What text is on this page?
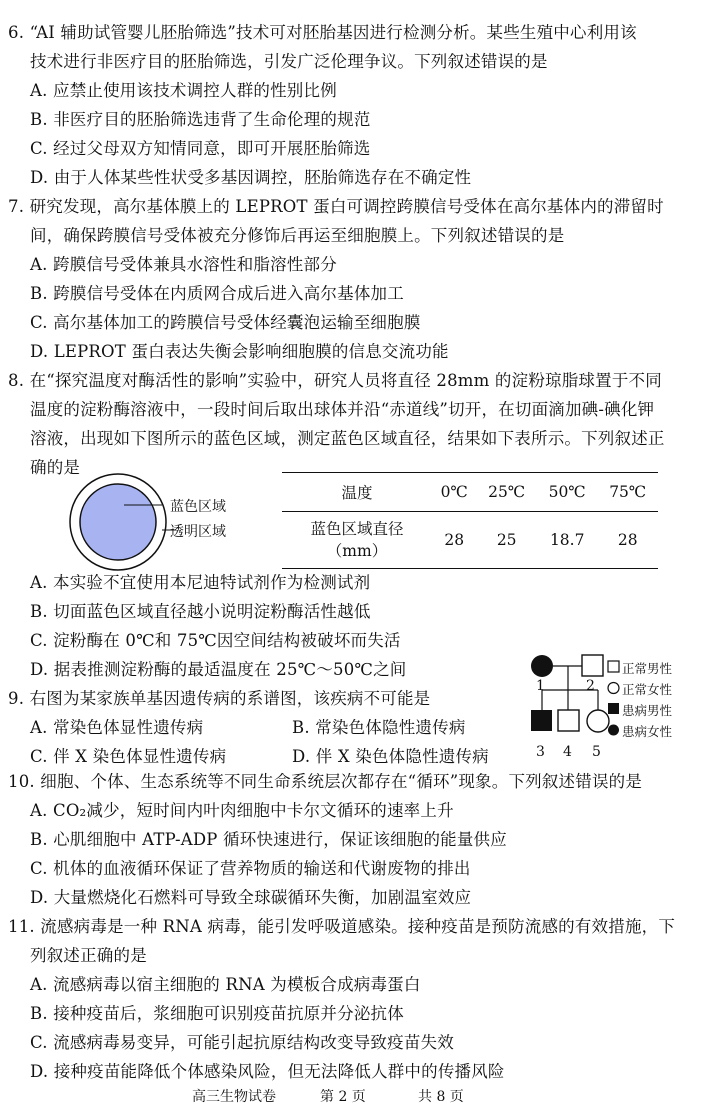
6. “AI 辅助试管婴儿胚胎筛选”技术可对胚胎基因进行检测分析。某些生殖中心利用该
技术进行非医疗目的胚胎筛选，引发广泛伦理争议。下列叙述错误的是
A. 应禁止使用该技术调控人群的性别比例
B. 非医疗目的胚胎筛选违背了生命伦理的规范
C. 经过父母双方知情同意，即可开展胚胎筛选
D. 由于人体某些性状受多基因调控，胚胎筛选存在不确定性
7. 研究发现，高尔基体膜上的 LEPROT 蛋白可调控跨膜信号受体在高尔基体内的滞留时
间，确保跨膜信号受体被充分修饰后再运至细胞膜上。下列叙述错误的是
A. 跨膜信号受体兼具水溶性和脂溶性部分
B. 跨膜信号受体在内质网合成后进入高尔基体加工
C. 高尔基体加工的跨膜信号受体经囊泡运输至细胞膜
D. LEPROT 蛋白表达失衡会影响细胞膜的信息交流功能
8. 在“探究温度对酶活性的影响”实验中，研究人员将直径 28mm 的淀粉琼脂球置于不同
温度的淀粉酶溶液中，一段时间后取出球体并沿“赤道线”切开，在切面滴加碘-碘化钾
溶液，出现如下图所示的蓝色区域，测定蓝色区域直径，结果如下表所示。下列叙述正
确的是
蓝色区域
透明区域
温度	0℃	25℃	50℃	75℃

蓝色区域直径
（mm）	28	25	18.7	28
A. 本实验不宜使用本尼迪特试剂作为检测试剂
B. 切面蓝色区域直径越小说明淀粉酶活性越低
C. 淀粉酶在 0℃和 75℃因空间结构被破坏而失活
D. 据表推测淀粉酶的最适温度在 25℃～50℃之间
9. 右图为某家族单基因遗传病的系谱图，该疾病不可能是
A. 常染色体显性遗传病	B. 常染色体隐性遗传病
C. 伴 X 染色体显性遗传病	D. 伴 X 染色体隐性遗传病
1	2
3 4 5
正常男性
正常女性
患病男性
患病女性
10. 细胞、个体、生态系统等不同生命系统层次都存在“循环”现象。下列叙述错误的是
A. CO₂减少，短时间内叶肉细胞中卡尔文循环的速率上升
B. 心肌细胞中 ATP-ADP 循环快速进行，保证该细胞的能量供应
C. 机体的血液循环保证了营养物质的输送和代谢废物的排出
D. 大量燃烧化石燃料可导致全球碳循环失衡，加剧温室效应
11. 流感病毒是一种 RNA 病毒，能引发呼吸道感染。接种疫苗是预防流感的有效措施，下
列叙述正确的是
A. 流感病毒以宿主细胞的 RNA 为模板合成病毒蛋白
B. 接种疫苗后，浆细胞可识别疫苗抗原并分泌抗体
C. 流感病毒易变异，可能引起抗原结构改变导致疫苗失效
D. 接种疫苗能降低个体感染风险，但无法降低人群中的传播风险
高三生物试卷	第 2 页	共 8 页
